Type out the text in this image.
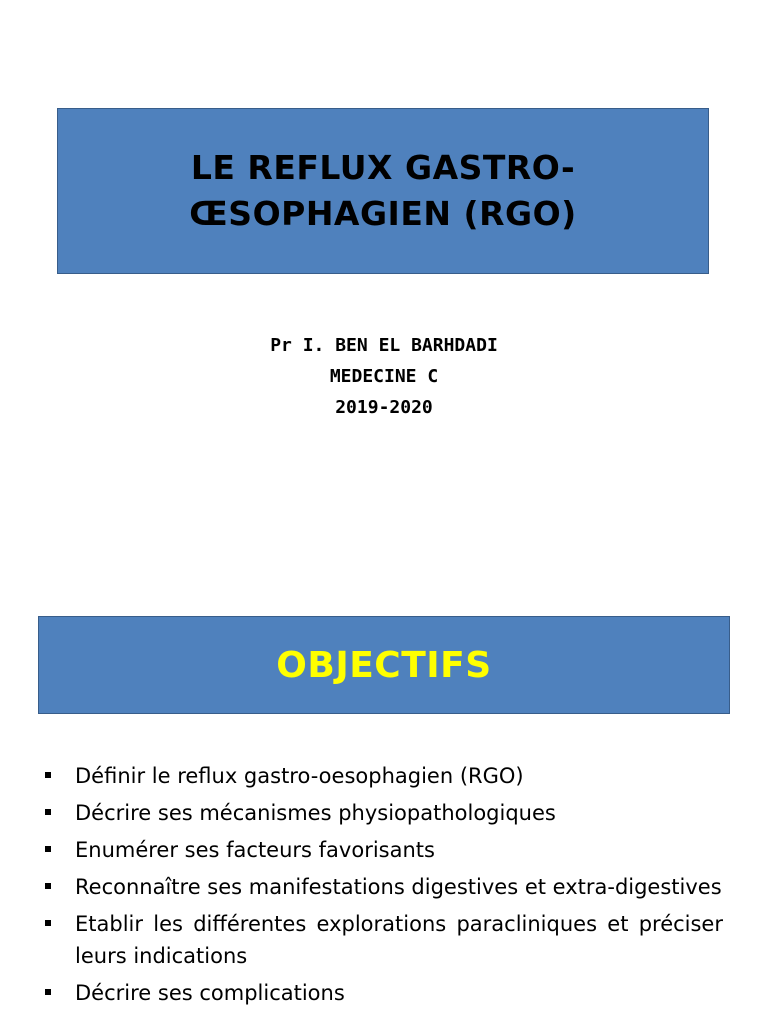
LE REFLUX GASTRO-
ŒSOPHAGIEN (RGO)
Pr I. BEN EL BARHDADI
MEDECINE C
2019-2020
OBJECTIFS
Définir le reflux gastro-oesophagien (RGO)
Décrire ses mécanismes physiopathologiques
Enumérer ses facteurs favorisants
Reconnaître ses manifestations digestives et extra-digestives
Etablir les différentes explorations paracliniques et préciser leurs indications
Décrire ses complications
